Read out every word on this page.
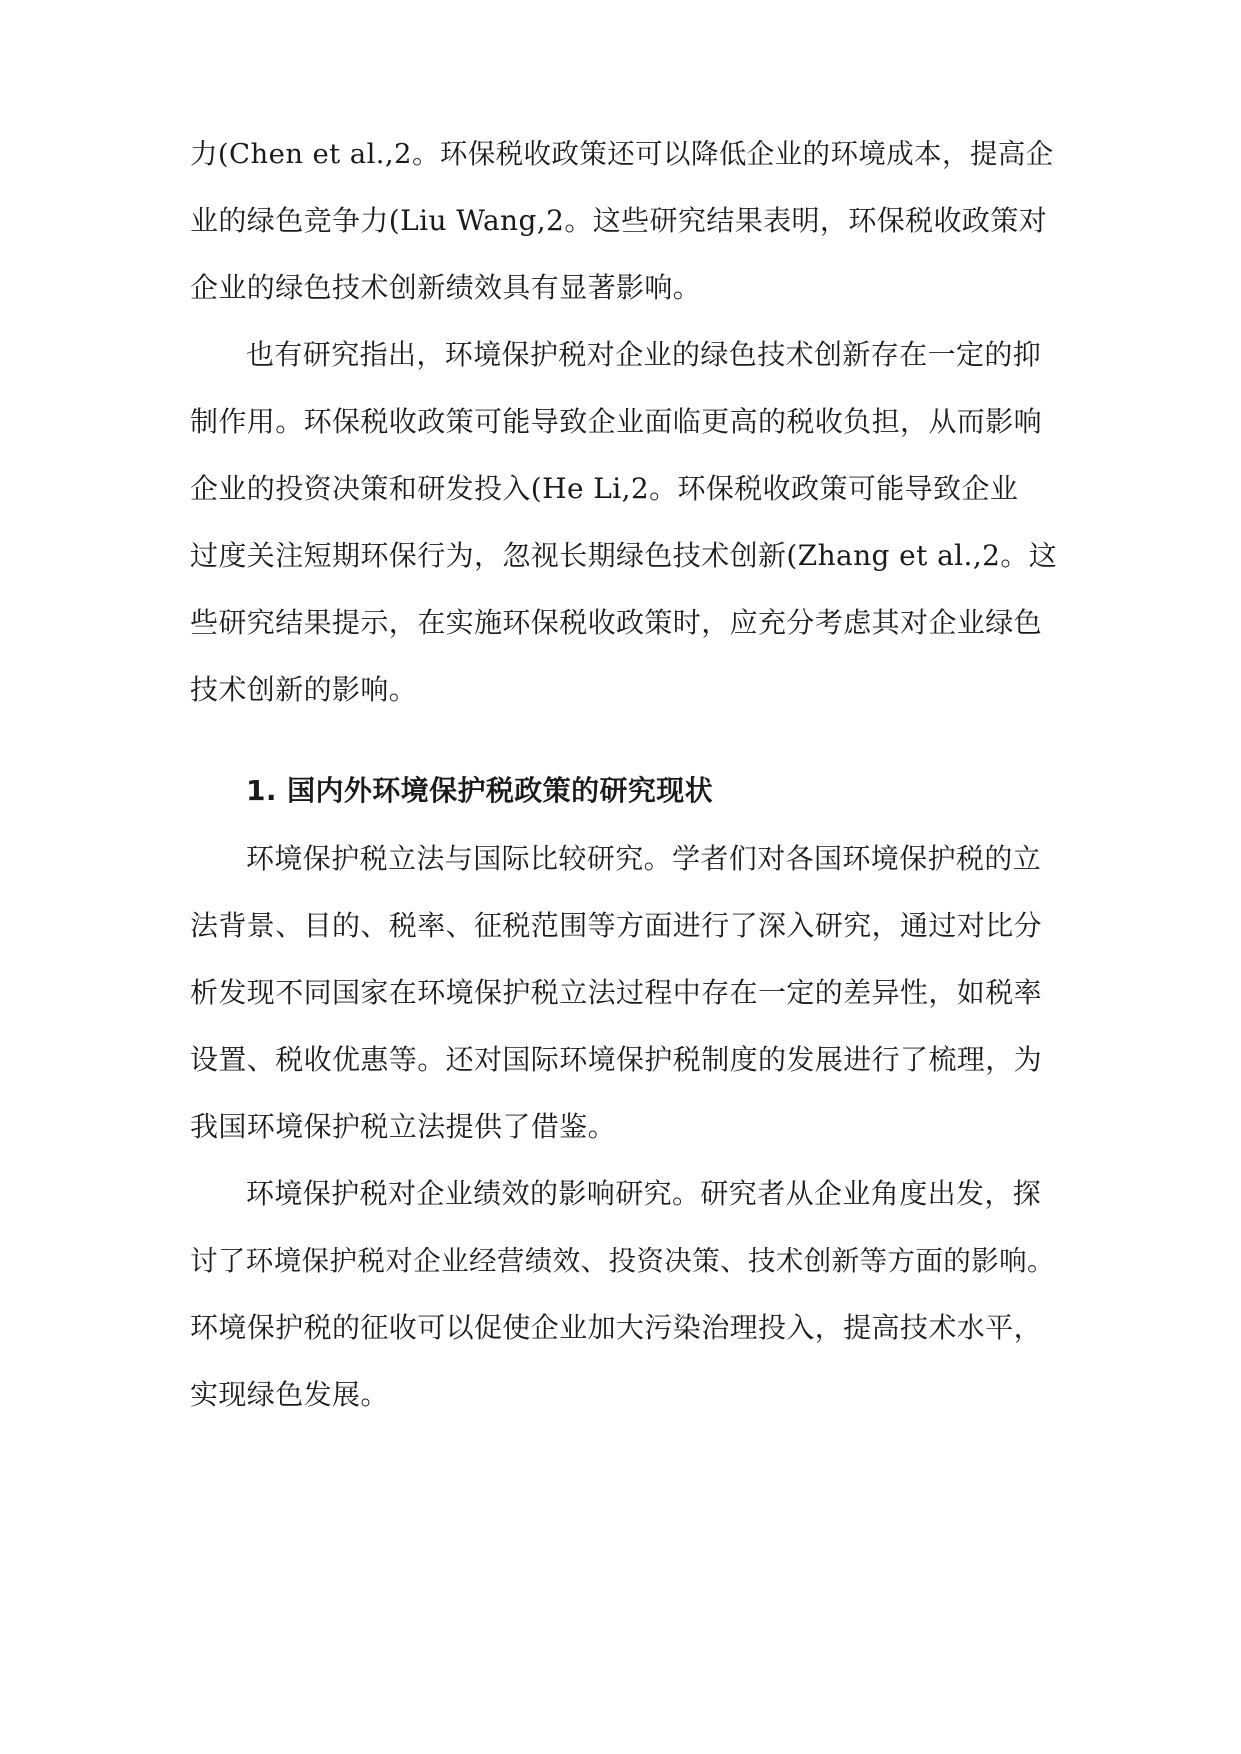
力(Chen et al.,2。环保税收政策还可以降低企业的环境成本，提高企
业的绿色竞争力(Liu Wang,2。这些研究结果表明，环保税收政策对
企业的绿色技术创新绩效具有显著影响。
也有研究指出，环境保护税对企业的绿色技术创新存在一定的抑
制作用。环保税收政策可能导致企业面临更高的税收负担，从而影响
企业的投资决策和研发投入(He Li,2。环保税收政策可能导致企业
过度关注短期环保行为，忽视长期绿色技术创新(Zhang et al.,2。这
些研究结果提示，在实施环保税收政策时，应充分考虑其对企业绿色
技术创新的影响。
1. 国内外环境保护税政策的研究现状
环境保护税立法与国际比较研究。学者们对各国环境保护税的立
法背景、目的、税率、征税范围等方面进行了深入研究，通过对比分
析发现不同国家在环境保护税立法过程中存在一定的差异性，如税率
设置、税收优惠等。还对国际环境保护税制度的发展进行了梳理，为
我国环境保护税立法提供了借鉴。
环境保护税对企业绩效的影响研究。研究者从企业角度出发，探
讨了环境保护税对企业经营绩效、投资决策、技术创新等方面的影响。
环境保护税的征收可以促使企业加大污染治理投入，提高技术水平，
实现绿色发展。
